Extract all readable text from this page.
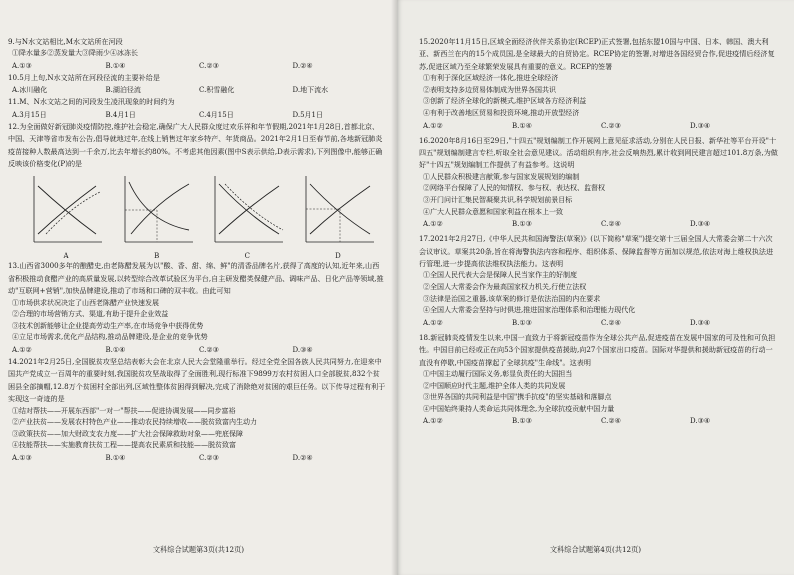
9.与N水文站相比,M水文站所在河段
①降水量多②蒸发量大③降雨少④冰冻长
A.①③	B.①④	C.②③	D.②④
10.5月上旬,N水文站所在河段径流的主要补给是
A.冰川融化	B.湖泊径流	C.积雪融化	D.地下流水
11.M、N水文站之间的河段发生凌汛现象的时间约为
A.3月15日	B.4月1日	C.4月15日	D.5月1日
12.为全面做好新冠肺炎疫情防控,维护社会稳定,确保广大人民群众度过欢乐祥和年节假期,2021年1月28日,首都北京、中国、天津等省市发布公告,倡导就地过年,在线上销售过年家乡特产、年货商品。2021年2月1日至春节前,各地新冠肺炎疫苗接种人数最高达到一千余万,比去年增长约80%。不考虑其他因素(图中S表示供给,D表示需求),下列图像中,能够正确反映该价格变化(P)的是
A	B	C	D
13.山西省3000多年的酿醋史,由老陈醋发展为以"酸、香、甜、绵、鲜"的清香品牌名片,获得了高度的认知,近年来,山西省积极推动食醋产业的高质量发展,以转型综合改革试验区为平台,自主研发醋类保健产品、调味产品、日化产品等领域,推动"互联网+营销",加快品牌建设,推动了市场和口碑的双丰收。由此可知
①市场供求状况决定了山西老陈醋产业快速发展
②合理的市场营销方式、渠道,有助于提升企业效益
③技术创新能够让企业提高劳动生产率,在市场竞争中获得优势
④立足市场需求,优化产品结构,推动品牌建设,是企业的竞争优势
A.①②	B.①④	C.②③	D.③④
14.2021年2月25日,全国脱贫攻坚总结表彰大会在北京人民大会堂隆重举行。经过全党全国各族人民共同努力,在迎来中国共产党成立一百周年的重要时刻,我国脱贫攻坚战取得了全面胜利,现行标准下9899万农村贫困人口全部脱贫,832个贫困县全部摘帽,12.8万个贫困村全部出列,区域性整体贫困得到解决,完成了消除绝对贫困的艰巨任务。以下传导过程有利于实现这一奇迹的是
①结对帮扶——开展东西部"一对一"帮扶——促进协调发展——同步富裕
②产业扶贫——发展农村特色产业——推动农民持续增收——脱贫致富内生动力
③政策扶贫——加大财政支农力度——扩大社会保障救助对象——兜底保障
④技能帮扶——实施教育扶贫工程——提高农民素质和技能——脱贫致富
A.①③	B.①④	C.②③	D.②④
文科综合试题第3页(共12页)
15.2020年11月15日,区域全面经济伙伴关系协定(RCEP)正式签署,包括东盟10国与中国、日本、韩国、澳大利亚、新西兰在内的15个成员国,是全球最大的自贸协定。RCEP协定的签署,对增进各国经贸合作,促进疫情后经济复苏,促进区域乃至全球繁荣发展具有重要的意义。RCEP的签署
①有利于深化区域经济一体化,推进全球经济
②表明支持多边贸易体制成为世界各国共识
③创新了经济全球化的新模式,维护区域各方经济利益
④有利于改善地区贸易和投资环境,推动开放型经济
A.①②	B.①④	C.②③	D.③④
16.2020年8月16日至29日,"十四五"规划编制工作开展网上意见征求活动,分别在人民日报、新华社等平台开设"十四五"规划编制建言专栏,听取全社会意见建议。活动组织有序,社会反响热烈,累计收到网民建言超过101.8万条,为做好"十四五"规划编制工作提供了有益参考。这说明
①人民群众积极建言献策,参与国家发展规划的编制
②网络平台保障了人民的知情权、参与权、表达权、监督权
③开门问计汇集民智凝聚共识,科学规划前景目标
④广大人民群众意愿和国家利益在根本上一致
A.①②	B.①③	C.②④	D.③④
17.2021年2月27日,《中华人民共和国海警法(草案)》(以下简称"草案")提交第十三届全国人大常委会第二十六次会议审议。草案共20条,旨在将海警执法内容和程序、组织体系、保障监督等方面加以规范,依法对海上维权执法进行管理,进一步提高依法维权执法能力。这表明
①全国人民代表大会是保障人民当家作主的好制度
②全国人大常委会作为最高国家权力机关,行使立法权
③法律是治国之重器,该草案的修订是依法治国的内在要求
④全国人大常委会坚持与时俱进,推进国家治理体系和治理能力现代化
A.①②	B.①③	C.②④	D.③④
18.新冠肺炎疫情发生以来,中国一直致力于将新冠疫苗作为全球公共产品,促进疫苗在发展中国家的可及性和可负担性。中国目前已经或正在向53个国家提供疫苗援助,向27个国家出口疫苗。国际对华提供和援助新冠疫苗的行动一直没有停歇,中国疫苗撑起了全球抗疫"生命线"。这表明
①中国主动履行国际义务,彰显负责任的大国担当
②中国顺应时代主题,维护全体人类的共同发展
③世界各国的共同利益是中国"携手抗疫"的坚实基础和落脚点
④中国始终秉持人类命运共同体理念,为全球抗疫贡献中国力量
A.①②	B.①③	C.②④	D.③④
文科综合试题第4页(共12页)
